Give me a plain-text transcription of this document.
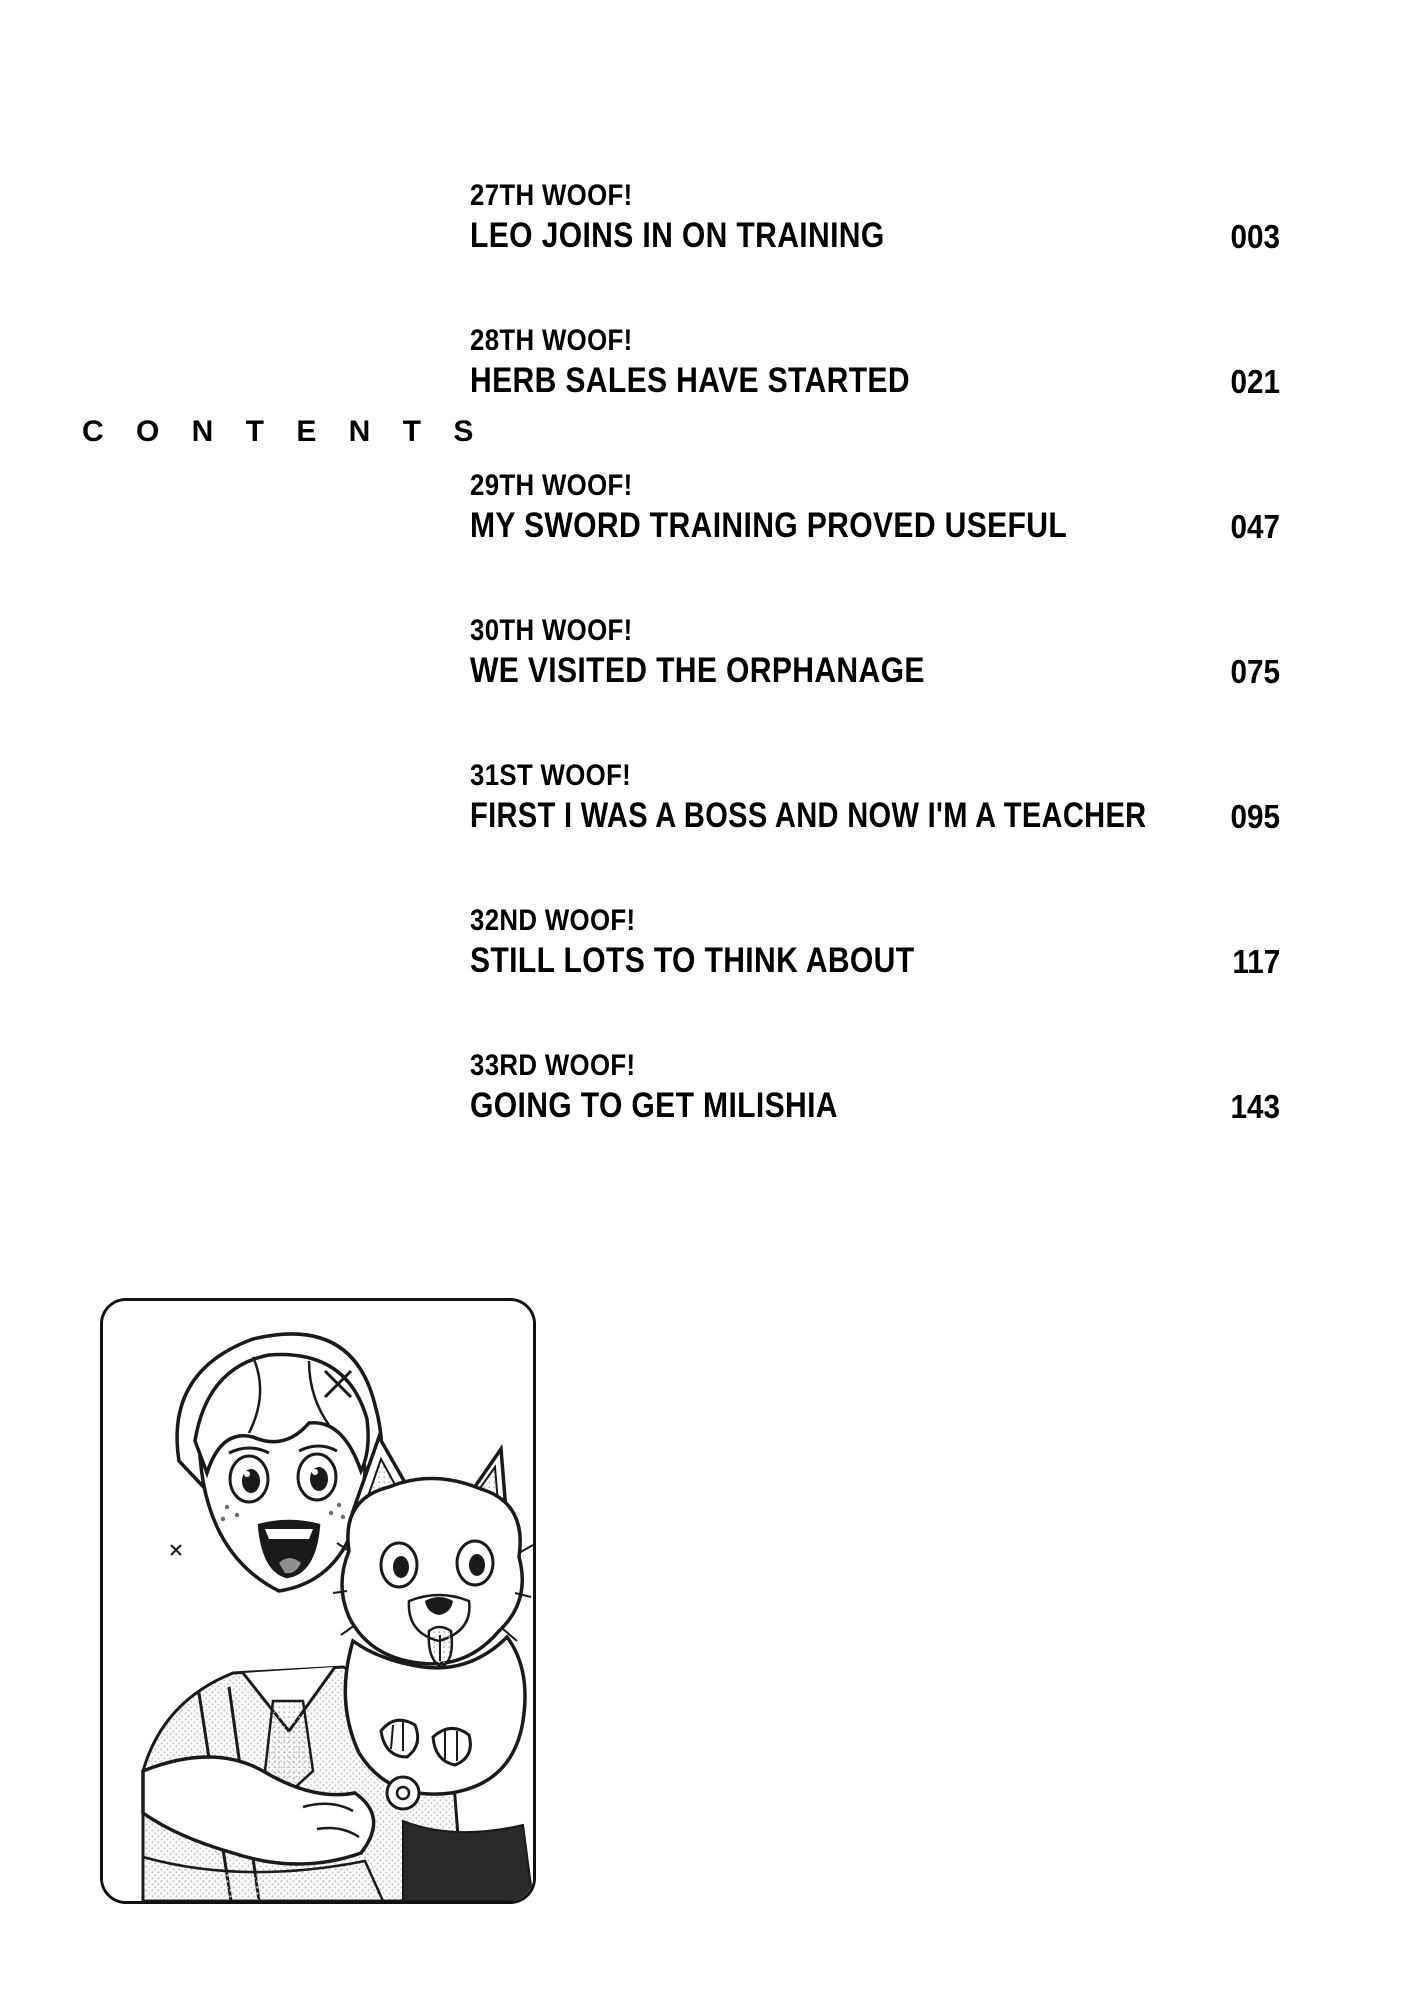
C O N T E N T S
27TH WOOF!
LEO JOINS IN ON TRAINING	003
28TH WOOF!
HERB SALES HAVE STARTED	021
29TH WOOF!
MY SWORD TRAINING PROVED USEFUL	047
30TH WOOF!
WE VISITED THE ORPHANAGE	075
31ST WOOF!
FIRST I WAS A BOSS AND NOW I'M A TEACHER	095
32ND WOOF!
STILL LOTS TO THINK ABOUT	117
33RD WOOF!
GOING TO GET MILISHIA	143
